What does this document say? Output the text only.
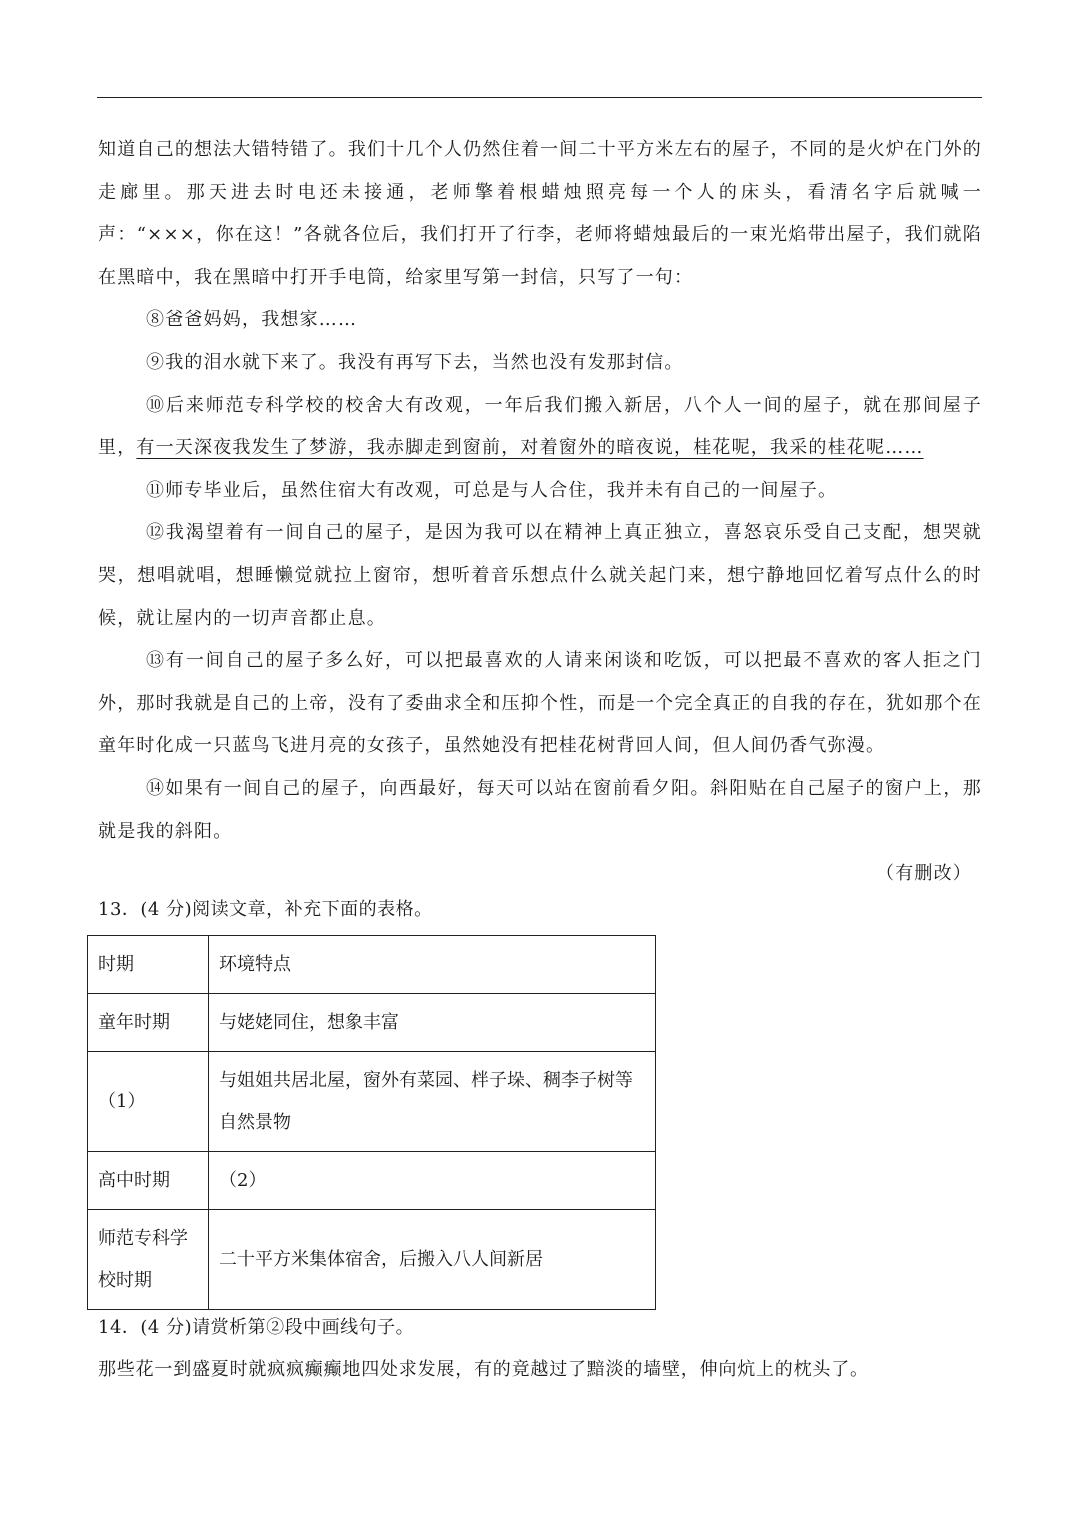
知道自己的想法大错特错了。我们十几个人仍然住着一间二十平方米左右的屋子，不同的是火炉在门外的走廊里。那天进去时电还未接通，老师擎着根蜡烛照亮每一个人的床头，看清名字后就喊一声：“×××，你在这！”各就各位后，我们打开了行李，老师将蜡烛最后的一束光焰带出屋子，我们就陷在黑暗中，我在黑暗中打开手电筒，给家里写第一封信，只写了一句：

⑧爸爸妈妈，我想家……

⑨我的泪水就下来了。我没有再写下去，当然也没有发那封信。

⑩后来师范专科学校的校舍大有改观，一年后我们搬入新居，八个人一间的屋子，就在那间屋子里，有一天深夜我发生了梦游，我赤脚走到窗前，对着窗外的暗夜说，桂花呢，我采的桂花呢……

⑪师专毕业后，虽然住宿大有改观，可总是与人合住，我并未有自己的一间屋子。

⑫我渴望着有一间自己的屋子，是因为我可以在精神上真正独立，喜怒哀乐受自己支配，想哭就哭，想唱就唱，想睡懒觉就拉上窗帘，想听着音乐想点什么就关起门来，想宁静地回忆着写点什么的时候，就让屋内的一切声音都止息。

⑬有一间自己的屋子多么好，可以把最喜欢的人请来闲谈和吃饭，可以把最不喜欢的客人拒之门外，那时我就是自己的上帝，没有了委曲求全和压抑个性，而是一个完全真正的自我的存在，犹如那个在童年时化成一只蓝鸟飞进月亮的女孩子，虽然她没有把桂花树背回人间，但人间仍香气弥漫。

⑭如果有一间自己的屋子，向西最好，每天可以站在窗前看夕阳。斜阳贴在自己屋子的窗户上，那就是我的斜阳。

（有删改）

13．(4 分)阅读文章，补充下面的表格。
时期	环境特点
童年时期	与姥姥同住，想象丰富
（1）	与姐姐共居北屋，窗外有菜园、柈子垛、稠李子树等自然景物
高中时期	（2）
师范专科学校时期	二十平方米集体宿舍，后搬入八人间新居
14．(4 分)请赏析第②段中画线句子。
那些花一到盛夏时就疯疯癫癫地四处求发展，有的竟越过了黯淡的墙壁，伸向炕上的枕头了。
